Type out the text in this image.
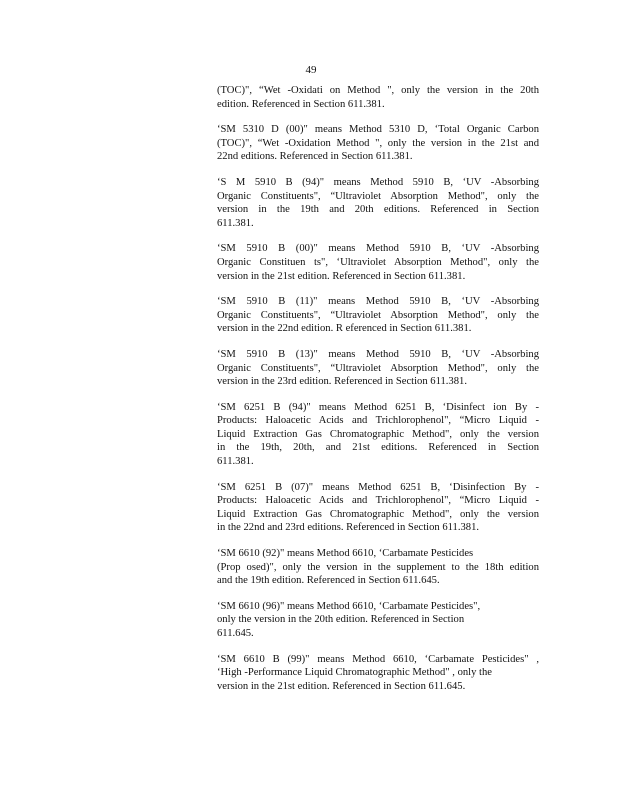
49

(TOC)", “Wet -Oxidati on Method ", only the version in the 20th
edition. Referenced in Section 611.381.

‘SM 5310 D (00)" means Method 5310 D, ‘Total Organic Carbon
(TOC)", “Wet -Oxidation Method ", only the version in the 21st and
22nd editions. Referenced in Section 611.381.

‘S M 5910 B (94)" means Method 5910 B, ‘UV -Absorbing
Organic Constituents", “Ultraviolet Absorption Method", only the
version in the 19th and 20th editions. Referenced in Section
611.381.

‘SM 5910 B (00)" means Method 5910 B, ‘UV -Absorbing
Organic Constituen ts", ‘Ultraviolet Absorption Method", only the
version in the 21st edition. Referenced in Section 611.381.

‘SM 5910 B (11)" means Method 5910 B, ‘UV -Absorbing
Organic Constituents", “Ultraviolet Absorption Method", only the
version in the 22nd edition. R eferenced in Section 611.381.

‘SM 5910 B (13)" means Method 5910 B, ‘UV -Absorbing
Organic Constituents", “Ultraviolet Absorption Method", only the
version in the 23rd edition. Referenced in Section 611.381.

‘SM 6251 B (94)" means Method 6251 B, ‘Disinfect ion By -
Products: Haloacetic Acids and Trichlorophenol", “Micro Liquid -
Liquid Extraction Gas Chromatographic Method", only the version
in the 19th, 20th, and 21st editions. Referenced in Section
611.381.

‘SM 6251 B (07)" means Method 6251 B, ‘Disinfection By -
Products: Haloacetic Acids and Trichlorophenol", “Micro Liquid -
Liquid Extraction Gas Chromatographic Method", only the version
in the 22nd and 23rd editions. Referenced in Section 611.381.

‘SM 6610 (92)" means Method 6610, ‘Carbamate Pesticides
(Prop osed)", only the version in the supplement to the 18th edition
and the 19th edition. Referenced in Section 611.645.

‘SM 6610 (96)" means Method 6610, ‘Carbamate Pesticides",
only the version in the 20th edition. Referenced in Section
611.645.

‘SM 6610 B (99)" means Method 6610, ‘Carbamate Pesticides" ,
‘High -Performance Liquid Chromatographic Method" , only the
version in the 21st edition. Referenced in Section 611.645.
